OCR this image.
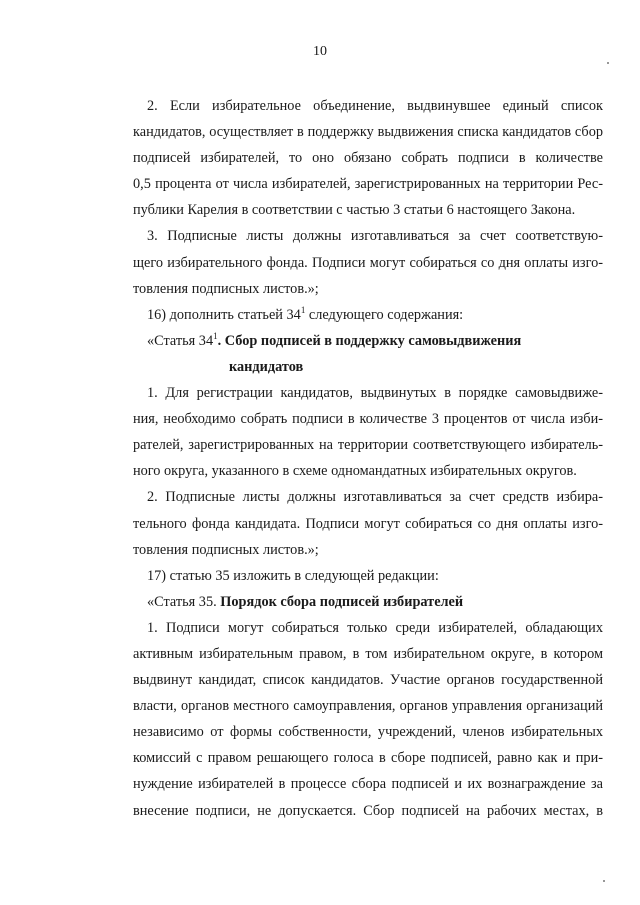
10
2. Если избирательное объединение, выдвинувшее единый список
кандидатов, осуществляет в поддержку выдвижения списка кандидатов сбор
подписей избирателей, то оно обязано собрать подписи в количестве
0,5 процента от числа избирателей, зарегистрированных на территории Рес-
публики Карелия в соответствии с частью 3 статьи 6 настоящего Закона.
3. Подписные листы должны изготавливаться за счет соответствую-
щего избирательного фонда. Подписи могут собираться со дня оплаты изго-
товления подписных листов.»;
16) дополнить статьей $34^1$ следующего содержания:
«Статья $34^1$. Сбор подписей в поддержку самовыдвижения
кандидатов
1. Для регистрации кандидатов, выдвинутых в порядке самовыдвиже-
ния, необходимо собрать подписи в количестве 3 процентов от числа изби-
рателей, зарегистрированных на территории соответствующего избиратель-
ного округа, указанного в схеме одномандатных избирательных округов.
2. Подписные листы должны изготавливаться за счет средств избира-
тельного фонда кандидата. Подписи могут собираться со дня оплаты изго-
товления подписных листов.»;
17) статью 35 изложить в следующей редакции:
«Статья 35. Порядок сбора подписей избирателей
1. Подписи могут собираться только среди избирателей, обладающих
активным избирательным правом, в том избирательном округе, в котором
выдвинут кандидат, список кандидатов. Участие органов государственной
власти, органов местного самоуправления, органов управления организаций
независимо от формы собственности, учреждений, членов избирательных
комиссий с правом решающего голоса в сборе подписей, равно как и при-
нуждение избирателей в процессе сбора подписей и их вознаграждение за
внесение подписи, не допускается. Сбор подписей на рабочих местах, в
